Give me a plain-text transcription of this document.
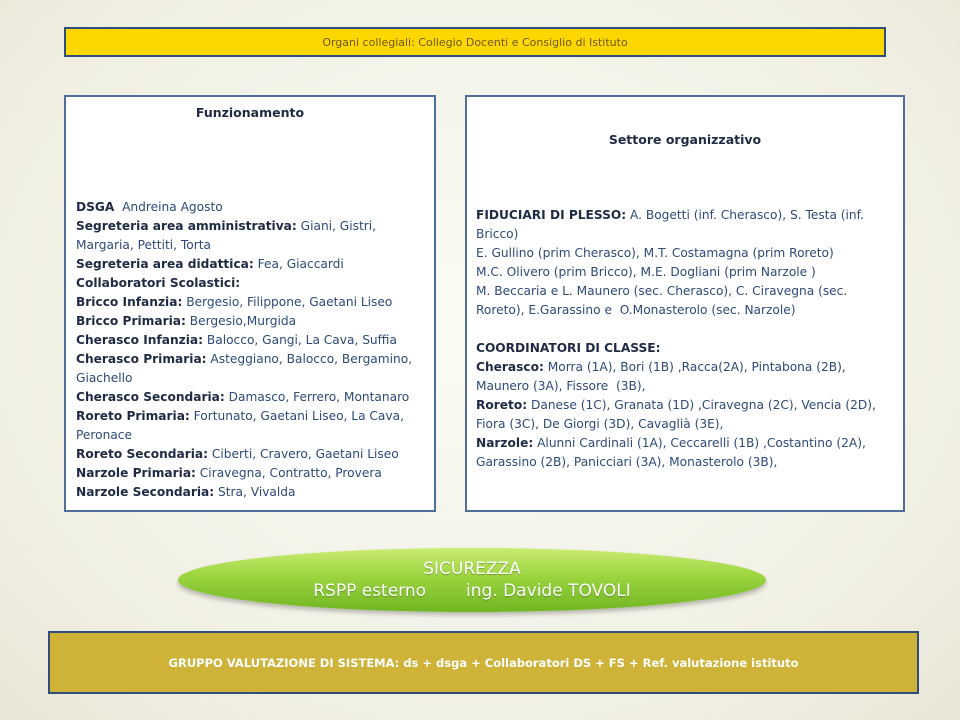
Organi collegiali: Collegio Docenti e Consiglio di Istituto
Funzionamento
DSGA  Andreina Agosto
Segreteria area amministrativa: Giani, Gistri,
Margaria, Pettiti, Torta
Segreteria area didattica: Fea, Giaccardi
Collaboratori Scolastici:
Bricco Infanzia: Bergesio, Filippone, Gaetani Liseo
Bricco Primaria: Bergesio,Murgida
Cherasco Infanzia: Balocco, Gangi, La Cava, Suffia
Cherasco Primaria: Asteggiano, Balocco, Bergamino,
Giachello
Cherasco Secondaria: Damasco, Ferrero, Montanaro
Roreto Primaria: Fortunato, Gaetani Liseo, La Cava,
Peronace
Roreto Secondaria: Ciberti, Cravero, Gaetani Liseo
Narzole Primaria: Ciravegna, Contratto, Provera
Narzole Secondaria: Stra, Vivalda
Settore organizzativo
FIDUCIARI DI PLESSO: A. Bogetti (inf. Cherasco), S. Testa (inf.
Bricco)
E. Gullino (prim Cherasco), M.T. Costamagna (prim Roreto)
M.C. Olivero (prim Bricco), M.E. Dogliani (prim Narzole )
M. Beccaria e L. Maunero (sec. Cherasco), C. Ciravegna (sec.
Roreto), E.Garassino e  O.Monasterolo (sec. Narzole)

COORDINATORI DI CLASSE:
Cherasco: Morra (1A), Bori (1B) ,Racca(2A), Pintabona (2B),
Maunero (3A), Fissore  (3B),
Roreto: Danese (1C), Granata (1D) ,Ciravegna (2C), Vencia (2D),
Fiora (3C), De Giorgi (3D), Cavaglià (3E),
Narzole: Alunni Cardinali (1A), Ceccarelli (1B) ,Costantino (2A),
Garassino (2B), Panicciari (3A), Monasterolo (3B),
SICUREZZA
RSPP esterno ing. Davide TOVOLI
GRUPPO VALUTAZIONE DI SISTEMA: ds + dsga + Collaboratori DS + FS + Ref. valutazione istituto
